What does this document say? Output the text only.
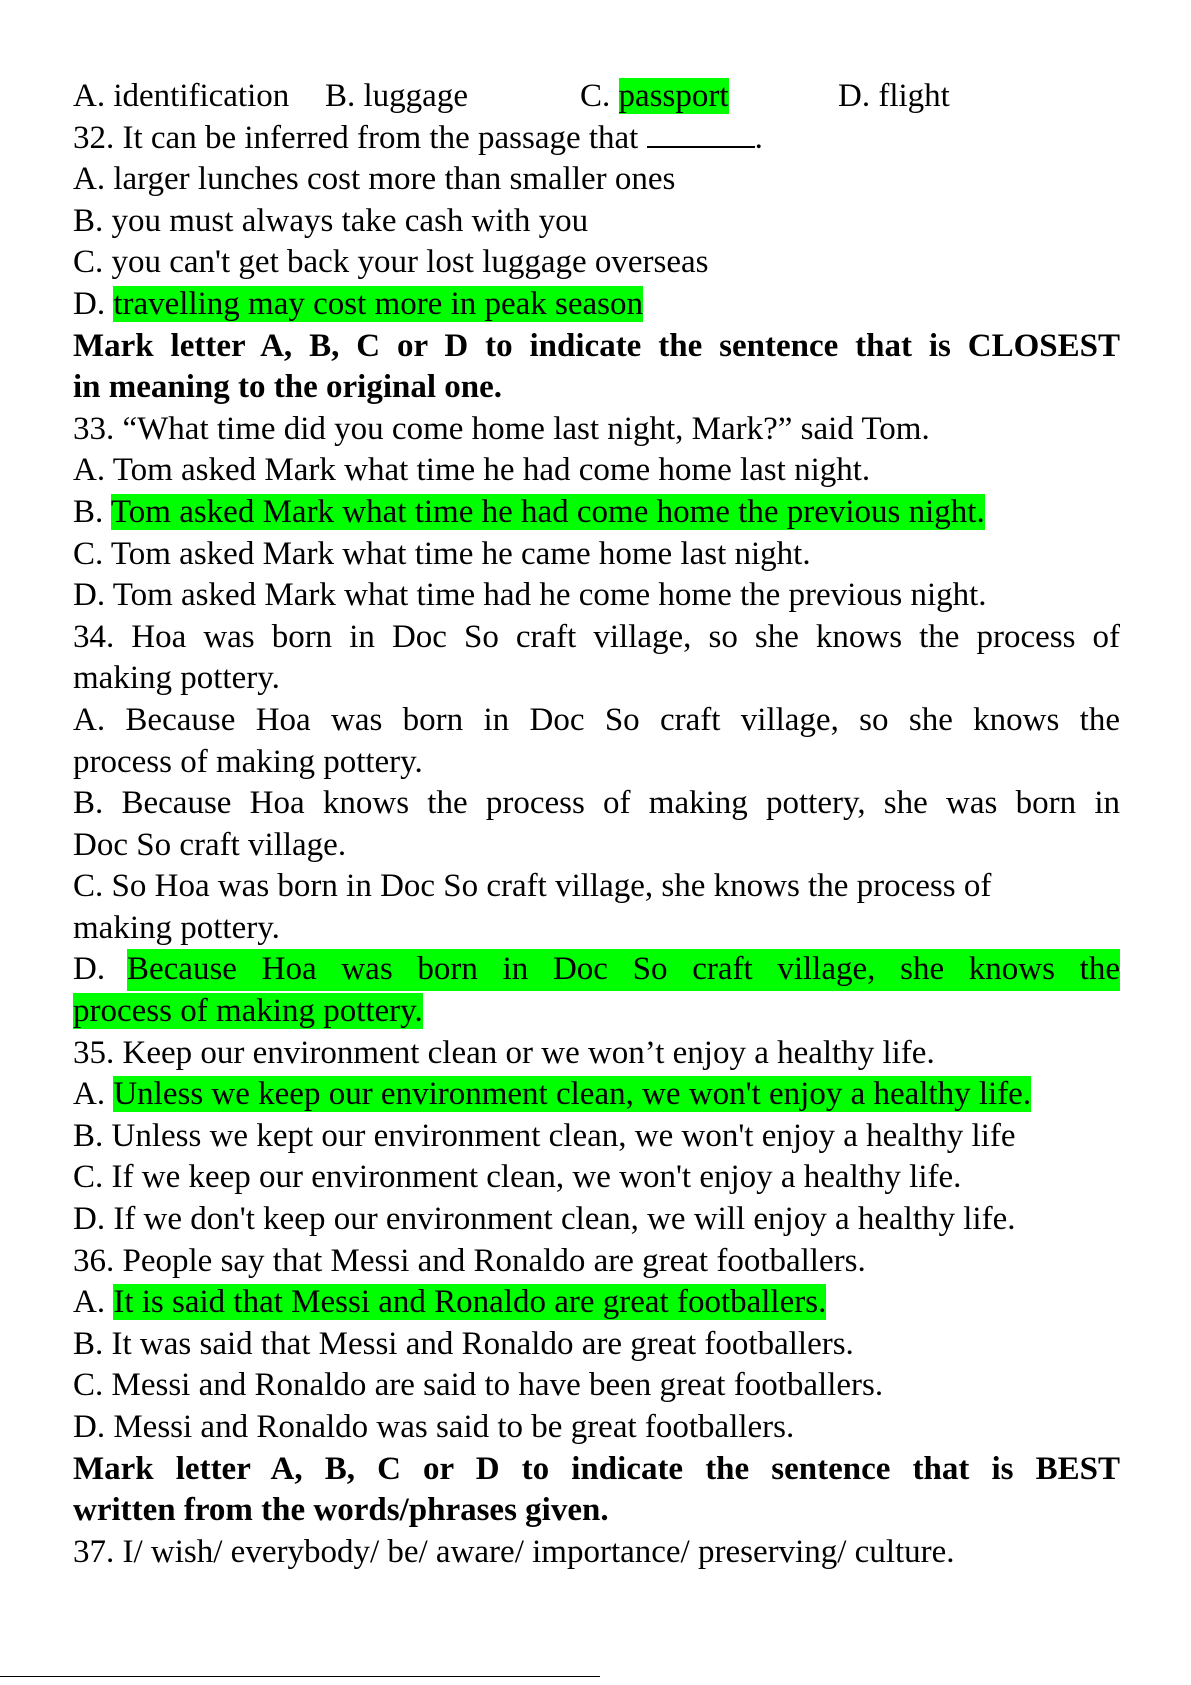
A. identification B. luggage	C. passport	D. flight
32. It can be inferred from the passage that	.
A. larger lunches cost more than smaller ones
B. you must always take cash with you
C. you can't get back your lost luggage overseas
D. travelling may cost more in peak season
Mark letter A, B, C or D to indicate the sentence that is CLOSEST
in meaning to the original one.
33. “What time did you come home last night, Mark?” said Tom.
A. Tom asked Mark what time he had come home last night.
B. Tom asked Mark what time he had come home the previous night.
C. Tom asked Mark what time he came home last night.
D. Tom asked Mark what time had he come home the previous night.
34. Hoa was born in Doc So craft village, so she knows the process of
making pottery.
A. Because Hoa was born in Doc So craft village, so she knows the
process of making pottery.
B. Because Hoa knows the process of making pottery, she was born in
Doc So craft village.
C. So Hoa was born in Doc So craft village, she knows the process of
making pottery.
D. Because Hoa was born in Doc So craft village, she knows the
process of making pottery.
35. Keep our environment clean or we won’t enjoy a healthy life.
A. Unless we keep our environment clean, we won't enjoy a healthy life.
B. Unless we kept our environment clean, we won't enjoy a healthy life
C. If we keep our environment clean, we won't enjoy a healthy life.
D. If we don't keep our environment clean, we will enjoy a healthy life.
36. People say that Messi and Ronaldo are great footballers.
A. It is said that Messi and Ronaldo are great footballers.
B. It was said that Messi and Ronaldo are great footballers.
C. Messi and Ronaldo are said to have been great footballers.
D. Messi and Ronaldo was said to be great footballers.
Mark letter A, B, C or D to indicate the sentence that is BEST
written from the words/phrases given.
37. I/ wish/ everybody/ be/ aware/ importance/ preserving/ culture.
